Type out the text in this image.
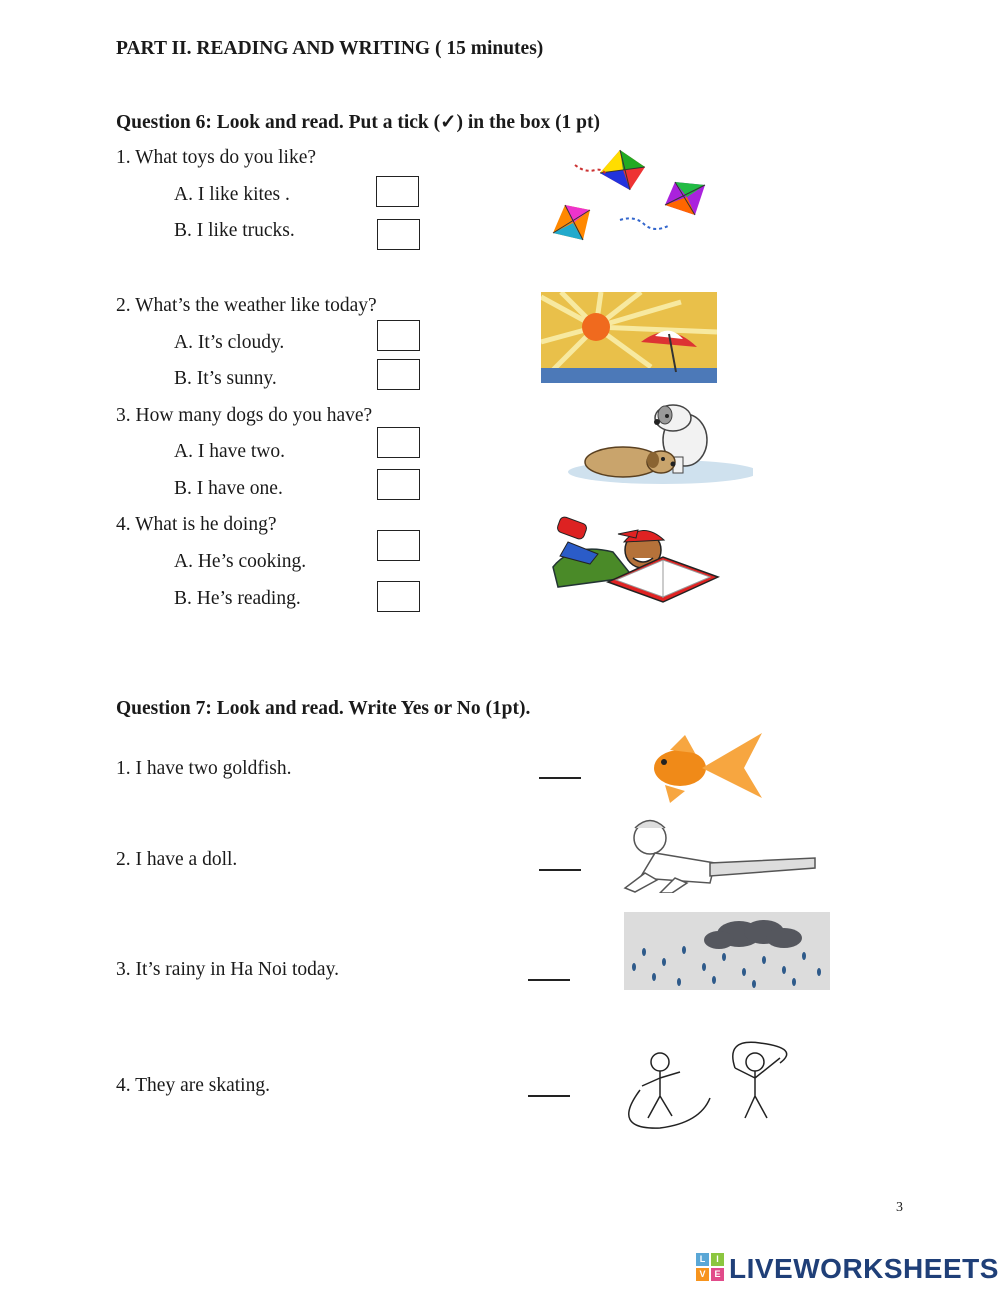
PART II. READING AND WRITING ( 15 minutes)
Question 6: Look and read. Put a tick (✓) in the box (1 pt)
1. What toys do you like?
A. I like kites .
B. I like trucks.
2. What’s the weather like today?
A. It’s cloudy.
B. It’s sunny.
3. How many dogs do you have?
A. I have two.
B. I have one.
4. What is he doing?
A. He’s cooking.
B. He’s reading.
Question 7: Look and read. Write Yes or No (1pt).
1. I have two goldfish.
2. I have a doll.
3. It’s rainy in Ha Noi today.
4. They are skating.
3
L	I
V E LIVEWORKSHEETS
